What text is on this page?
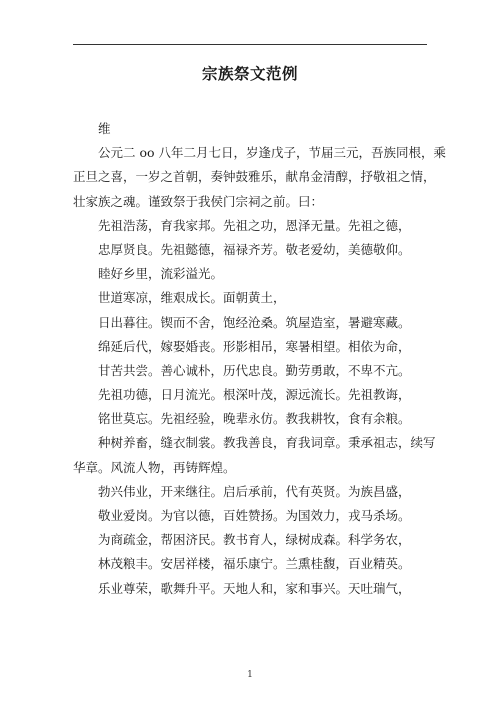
宗族祭文范例
维
公元二 oo 八年二月七日，岁逢戊子，节届三元，吾族同根，乘
正旦之喜，一岁之首朝，奏钟鼓雅乐，献帛金清醇，抒敬祖之情，
壮家族之魂。谨致祭于我侯门宗祠之前。曰：
先祖浩荡，育我家邦。先祖之功，恩泽无量。先祖之德，
忠厚贤良。先祖懿德，福禄齐芳。敬老爱幼，美德敬仰。
睦好乡里，流彩溢光。
世道寒凉，维艰成长。面朝黄土，
日出暮往。锲而不舍，饱经沧桑。筑屋造室，暑避寒藏。
绵延后代，嫁娶婚丧。形影相吊，寒暑相望。相依为命，
甘苦共尝。善心诚朴，历代忠良。勤劳勇敢，不卑不亢。
先祖功德，日月流光。根深叶茂，源远流长。先祖教诲，
铭世莫忘。先祖经验，晚辈永仿。教我耕牧，食有余粮。
种树养畜，缝衣制裳。教我善良，育我词章。秉承祖志，续写
华章。风流人物，再铸辉煌。
勃兴伟业，开来继往。启后承前，代有英贤。为族昌盛，
敬业爱岗。为官以德，百姓赞扬。为国效力，戎马杀场。
为商疏金，帮困济民。教书育人，绿树成森。科学务农，
林茂粮丰。安居祥楼，福乐康宁。兰熏桂馥，百业精英。
乐业尊荣，歌舞升平。天地人和，家和事兴。天吐瑞气，
1
